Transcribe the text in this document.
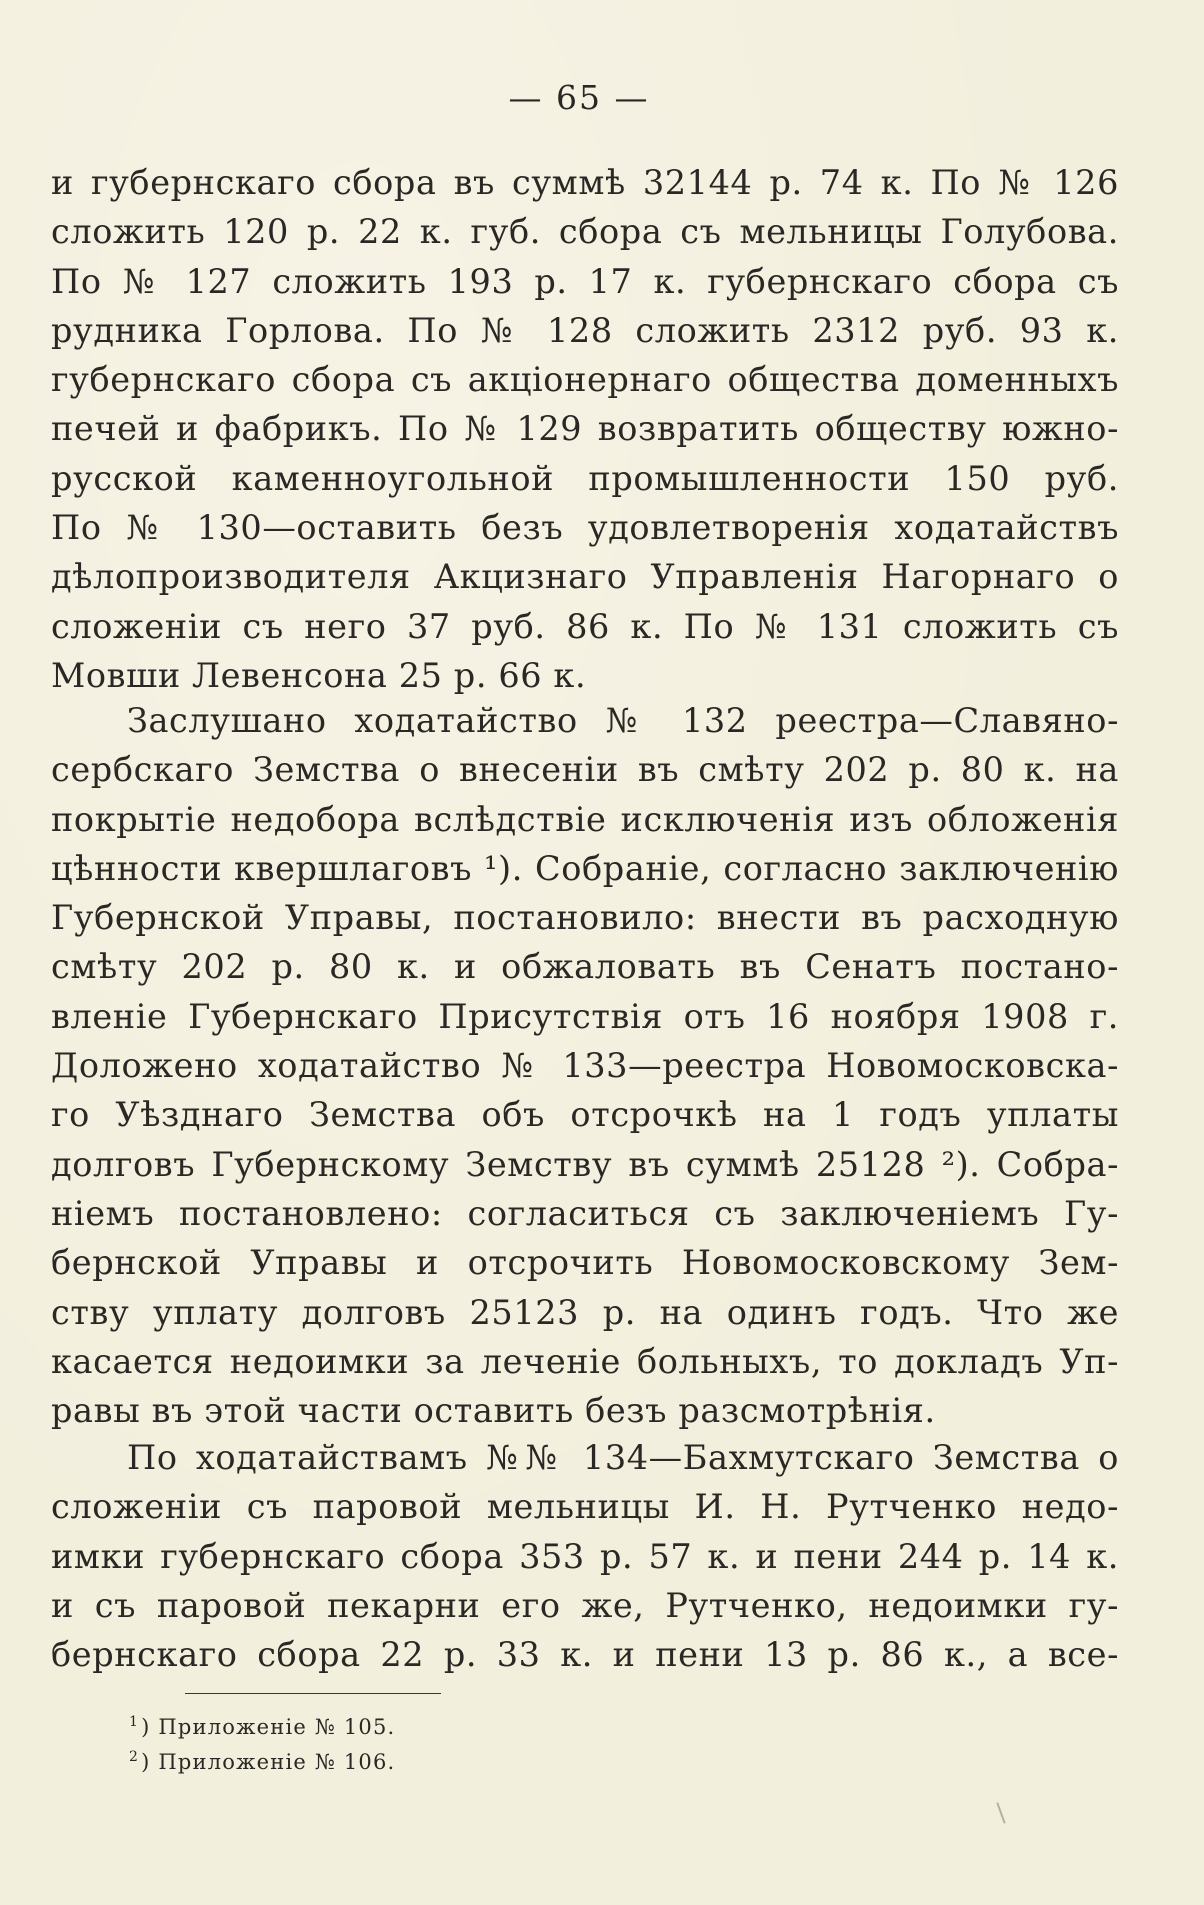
— 65 —
и губернскаго сбора въ суммѣ 32144 р. 74 к. По № 126
сложить 120 р. 22 к. губ. сбора съ мельницы Голубова.
По № 127 сложить 193 р. 17 к. губернскаго сбора съ
рудника Горлова. По № 128 сложить 2312 руб. 93 к.
губернскаго сбора съ акціонернаго общества доменныхъ
печей и фабрикъ. По № 129 возвратить обществу южно-
русской каменноугольной промышленности 150 руб.
По № 130—оставить безъ удовлетворенія ходатайствъ
дѣлопроизводителя Акцизнаго Управленія Нагорнаго о
сложеніи съ него 37 руб. 86 к. По № 131 сложить съ
Мовши Левенсона 25 р. 66 к.
Заслушано ходатайство № 132 реестра—Славяно-
сербскаго Земства о внесеніи въ смѣту 202 р. 80 к. на
покрытіе недобора вслѣдствіе исключенія изъ обложенія
цѣнности квершлаговъ ¹). Собраніе, согласно заключенію
Губернской Управы, постановило: внести въ расходную
смѣту 202 р. 80 к. и обжаловать въ Сенатъ постано-
вленіе Губернскаго Присутствія отъ 16 ноября 1908 г.
Доложено ходатайство № 133—реестра Новомосковска-
го Уѣзднаго Земства объ отсрочкѣ на 1 годъ уплаты
долговъ Губернскому Земству въ суммѣ 25128 ²). Собра-
ніемъ постановлено: согласиться съ заключеніемъ Гу-
бернской Управы и отсрочить Новомосковскому Зем-
ству уплату долговъ 25123 р. на одинъ годъ. Что же
касается недоимки за леченіе больныхъ, то докладъ Уп-
равы въ этой части оставить безъ разсмотрѣнія.
По ходатайствамъ №№ 134—Бахмутскаго Земства о
сложеніи съ паровой мельницы И. Н. Рутченко недо-
имки губернскаго сбора 353 р. 57 к. и пени 244 р. 14 к.
и съ паровой пекарни его же, Рутченко, недоимки гу-
бернскаго сбора 22 р. 33 к. и пени 13 р. 86 к., а все-
$^1$) Приложеніе № 105.
$^2$) Приложеніе № 106.
